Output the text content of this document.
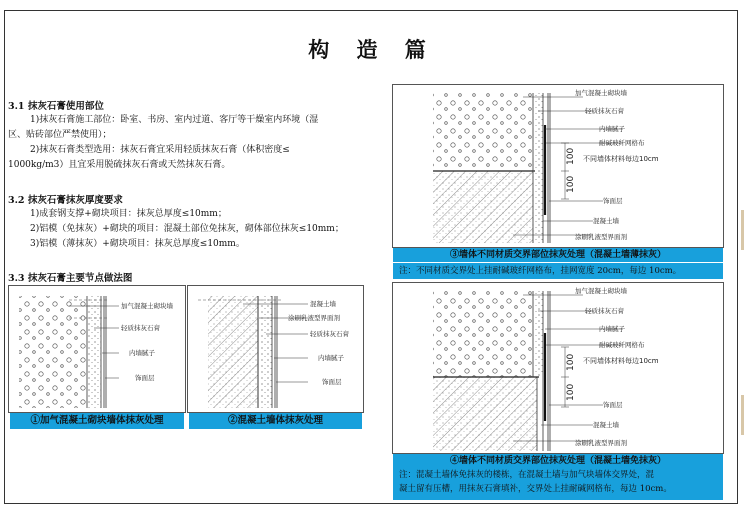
构 造 篇
3.1 抹灰石膏使用部位
1)抹灰石膏施工部位：卧室、书房、室内过道、客厅等干燥室内环境（湿
区、贴砖部位严禁使用）；
2)抹灰石膏类型选用：抹灰石膏宜采用轻质抹灰石膏（体积密度≤
1000kg/m3）且宜采用脱硫抹灰石膏或天然抹灰石膏。
3.2 抹灰石膏抹灰厚度要求
1)成套钢支撑+砌块项目：抹灰总厚度≤10mm；
2)铝模（免抹灰）+砌块的项目：混凝土部位免抹灰，砌体部位抹灰≤10mm；
3)铝模（薄抹灰）+砌块项目：抹灰总厚度≤10mm。
3.3 抹灰石膏主要节点做法图
加气混凝土砌块墙
轻质抹灰石膏
内墙腻子
饰面层
①加气混凝土砌块墙体抹灰处理
混凝土墙
涂刷乳液型界面剂
轻质抹灰石膏
内墙腻子
饰面层
②混凝土墙体抹灰处理
100
100
加气混凝土砌块墙
轻质抹灰石膏
内墙腻子
耐碱玻纤网格布
不同墙体材料每边10cm
饰面层
混凝土墙
涂刷乳液型界面剂
③墙体不同材质交界部位抹灰处理（混凝土墙薄抹灰）
注：不同材质交界处上挂耐碱玻纤网格布，挂网宽度 20cm，每边 10cm。
100
100
加气混凝土砌块墙
轻质抹灰石膏
内墙腻子
耐碱玻纤网格布
不同墙体材料每边10cm
饰面层
混凝土墙
涂刷乳液型界面剂
④墙体不同材质交界部位抹灰处理（混凝土墙免抹灰）
注：混凝土墙体免抹灰的楼栋，在混凝土墙与加气块墙体交界处，混
凝土留有压槽，用抹灰石膏填补，交界处上挂耐碱网格布，每边 10cm。
